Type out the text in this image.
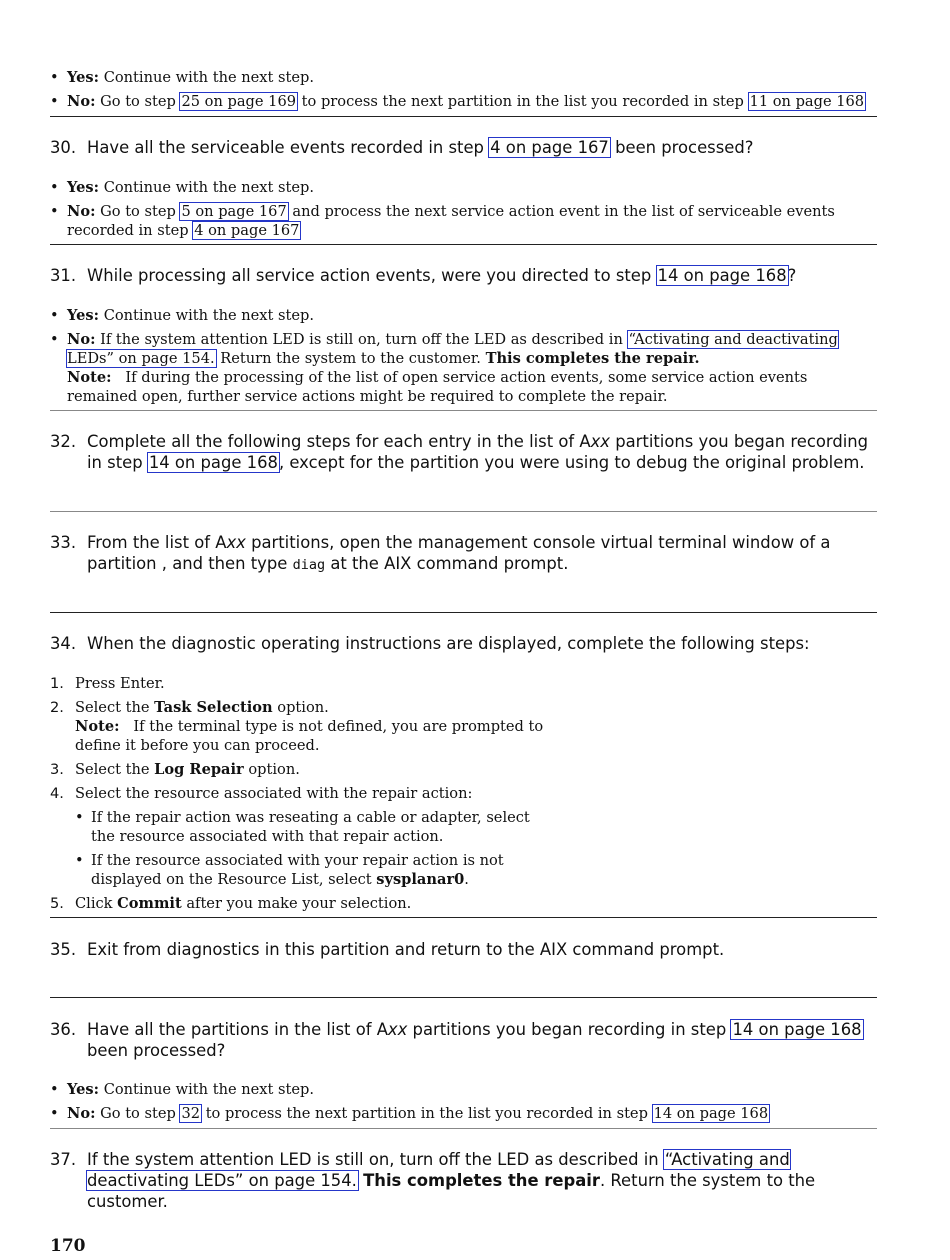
• Yes: Continue with the next step.
• No: Go to step 25 on page 169 to process the next partition in the list you recorded in step 11 on page 168
30. Have all the serviceable events recorded in step 4 on page 167 been processed?
• Yes: Continue with the next step.
• No: Go to step 5 on page 167 and process the next service action event in the list of serviceable events recorded in step 4 on page 167
31. While processing all service action events, were you directed to step 14 on page 168?
• Yes: Continue with the next step.
• No: If the system attention LED is still on, turn off the LED as described in “Activating and deactivating LEDs” on page 154. Return the system to the customer. This completes the repair.
Note: If during the processing of the list of open service action events, some service action events remained open, further service actions might be required to complete the repair.
32. Complete all the following steps for each entry in the list of Axx partitions you began recording in step 14 on page 168, except for the partition you were using to debug the original problem.
33. From the list of Axx partitions, open the management console virtual terminal window of a partition , and then type diag at the AIX command prompt.
34. When the diagnostic operating instructions are displayed, complete the following steps:
1. Press Enter.
2. Select the Task Selection option.
Note: If the terminal type is not defined, you are prompted to define it before you can proceed.
3. Select the Log Repair option.
4. Select the resource associated with the repair action:
• If the repair action was reseating a cable or adapter, select the resource associated with that repair action.
• If the resource associated with your repair action is not displayed on the Resource List, select sysplanar0.
5. Click Commit after you make your selection.
35. Exit from diagnostics in this partition and return to the AIX command prompt.
36. Have all the partitions in the list of Axx partitions you began recording in step 14 on page 168 been processed?
• Yes: Continue with the next step.
• No: Go to step 32 to process the next partition in the list you recorded in step 14 on page 168
37. If the system attention LED is still on, turn off the LED as described in “Activating and deactivating LEDs” on page 154. This completes the repair. Return the system to the customer.
170
